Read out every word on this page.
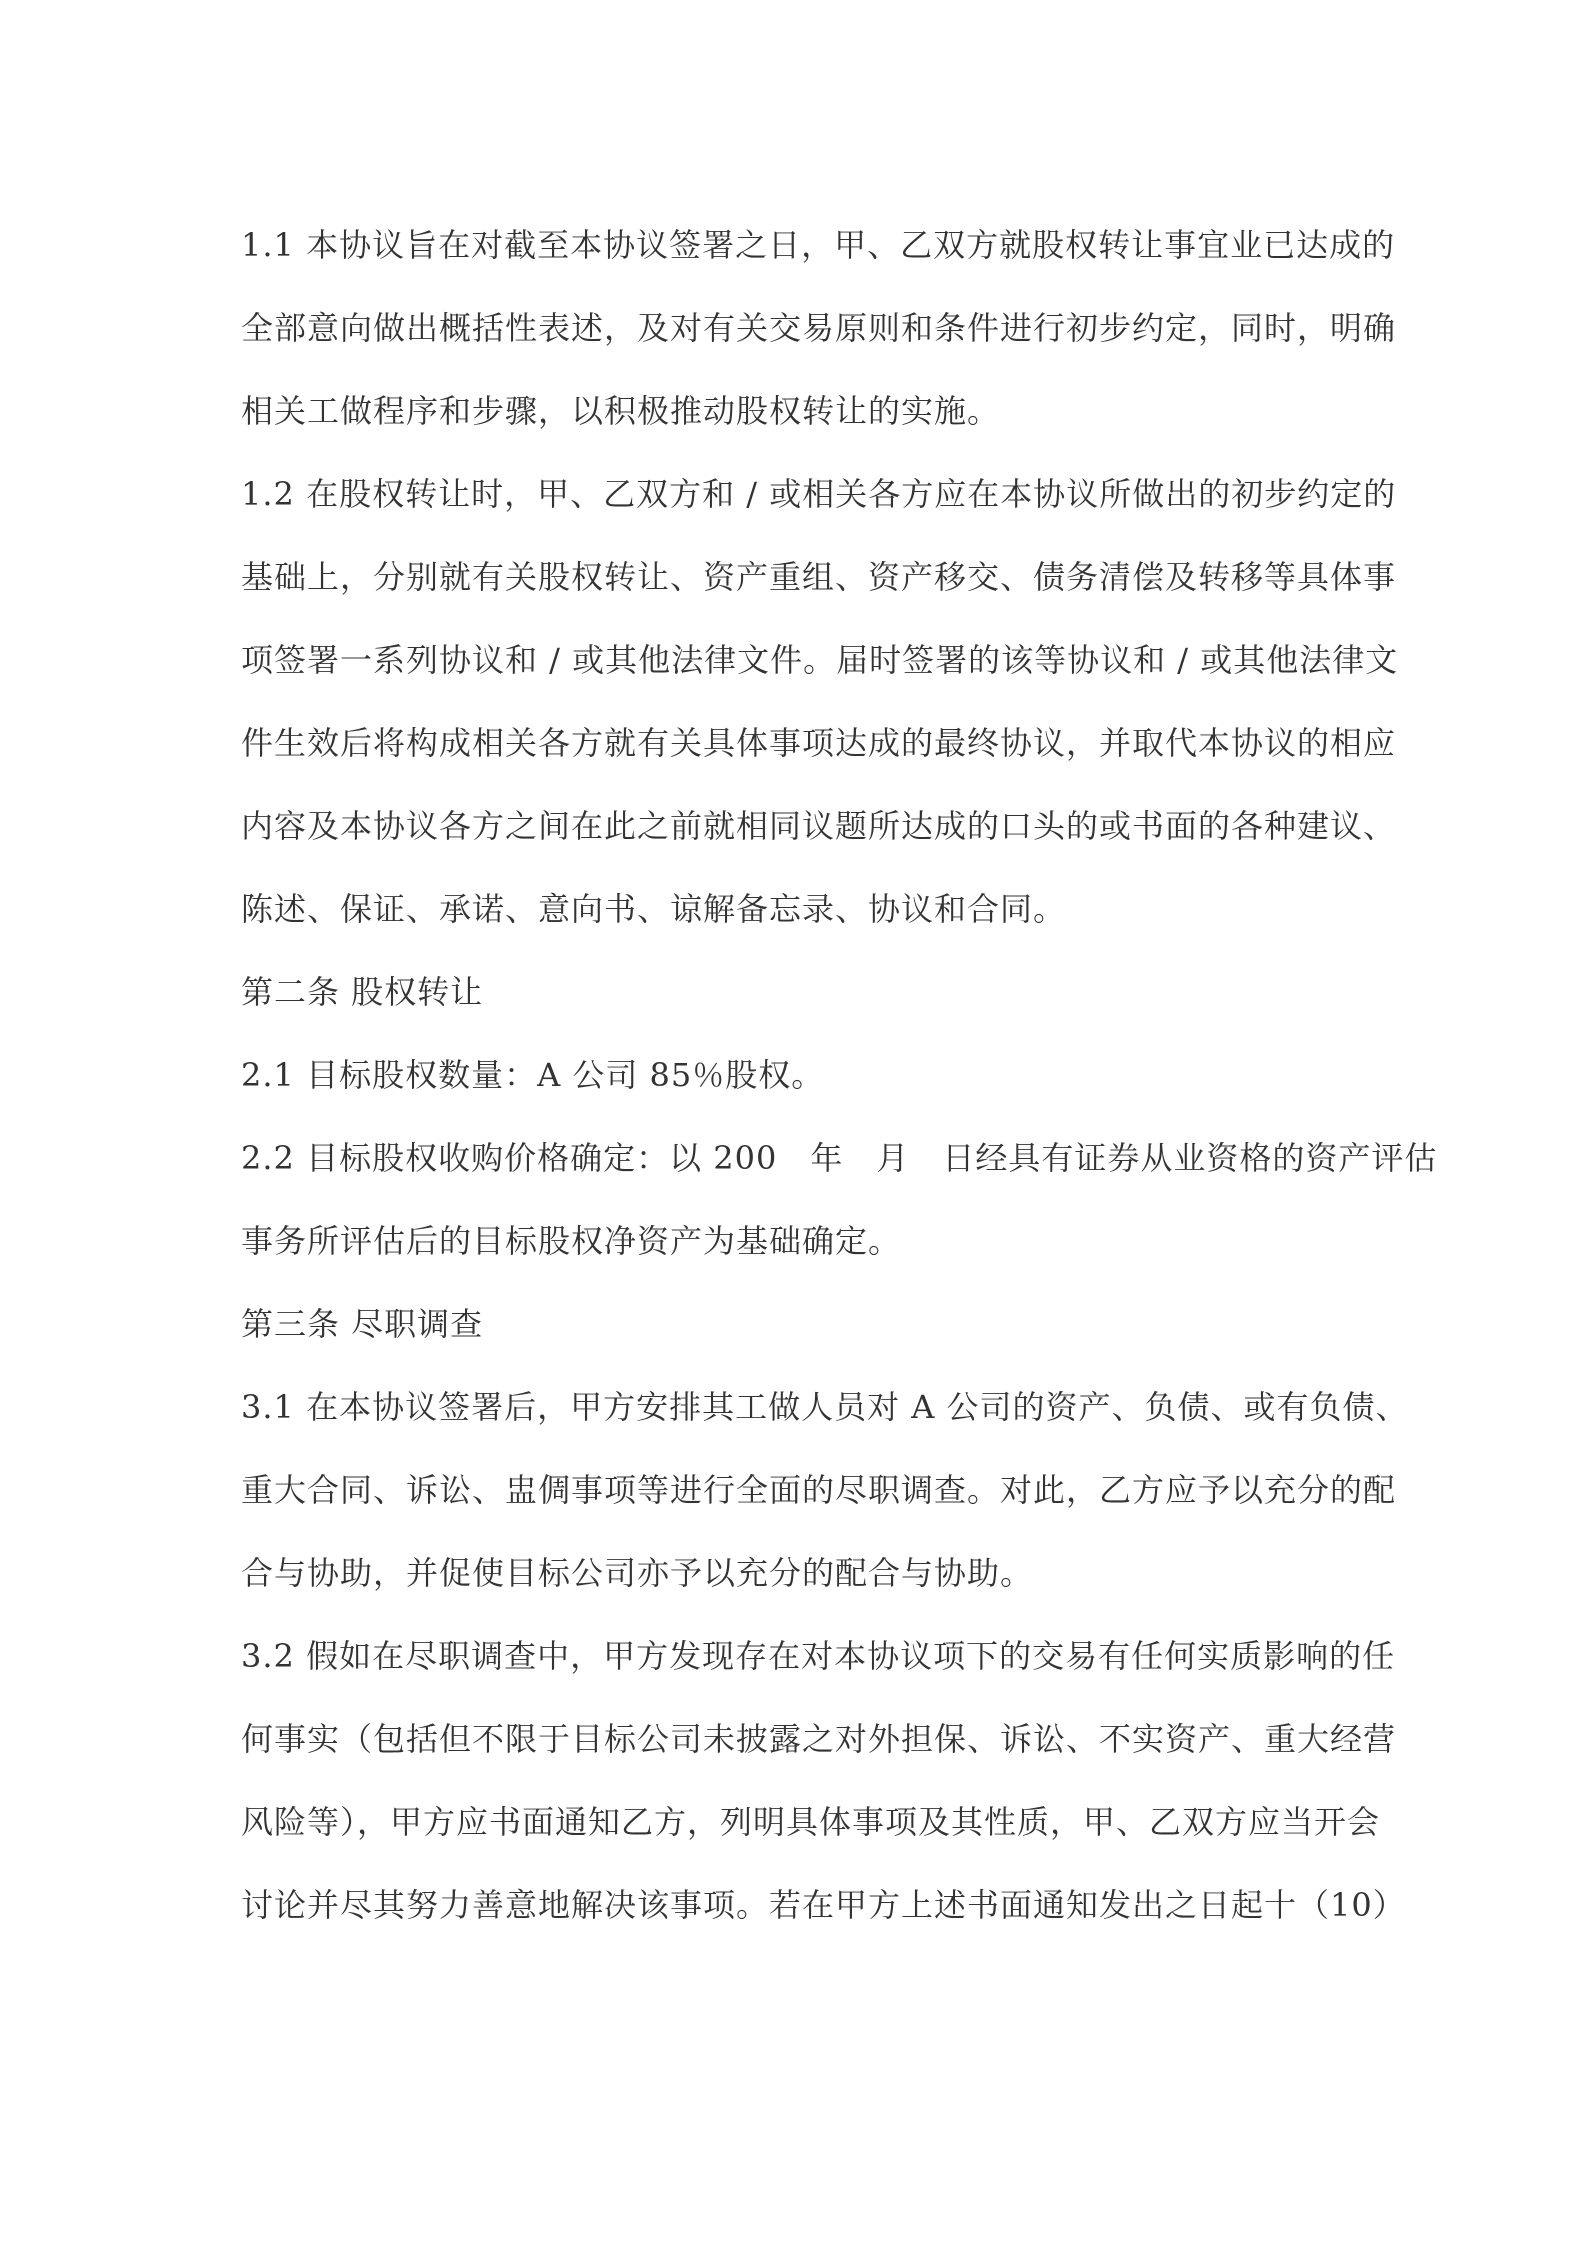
1.1 本协议旨在对截至本协议签署之日，甲、乙双方就股权转让事宜业已达成的
全部意向做出概括性表述，及对有关交易原则和条件进行初步约定，同时，明确
相关工做程序和步骤，以积极推动股权转让的实施。
1.2 在股权转让时，甲、乙双方和 / 或相关各方应在本协议所做出的初步约定的
基础上，分别就有关股权转让、资产重组、资产移交、债务清偿及转移等具体事
项签署一系列协议和 / 或其他法律文件。届时签署的该等协议和 / 或其他法律文
件生效后将构成相关各方就有关具体事项达成的最终协议，并取代本协议的相应
内容及本协议各方之间在此之前就相同议题所达成的口头的或书面的各种建议、
陈述、保证、承诺、意向书、谅解备忘录、协议和合同。
第二条 股权转让
2.1 目标股权数量：A 公司 85％股权。
2.2 目标股权收购价格确定：以 200　年　月　日经具有证券从业资格的资产评估
事务所评估后的目标股权净资产为基础确定。
第三条 尽职调查
3.1 在本协议签署后，甲方安排其工做人员对 A 公司的资产、负债、或有负债、
重大合同、诉讼、盅倜事项等进行全面的尽职调查。对此，乙方应予以充分的配
合与协助，并促使目标公司亦予以充分的配合与协助。
3.2 假如在尽职调查中，甲方发现存在对本协议项下的交易有任何实质影响的任
何事实（包括但不限于目标公司未披露之对外担保、诉讼、不实资产、重大经营
风险等），甲方应书面通知乙方，列明具体事项及其性质，甲、乙双方应当开会
讨论并尽其努力善意地解决该事项。若在甲方上述书面通知发出之日起十（10）
